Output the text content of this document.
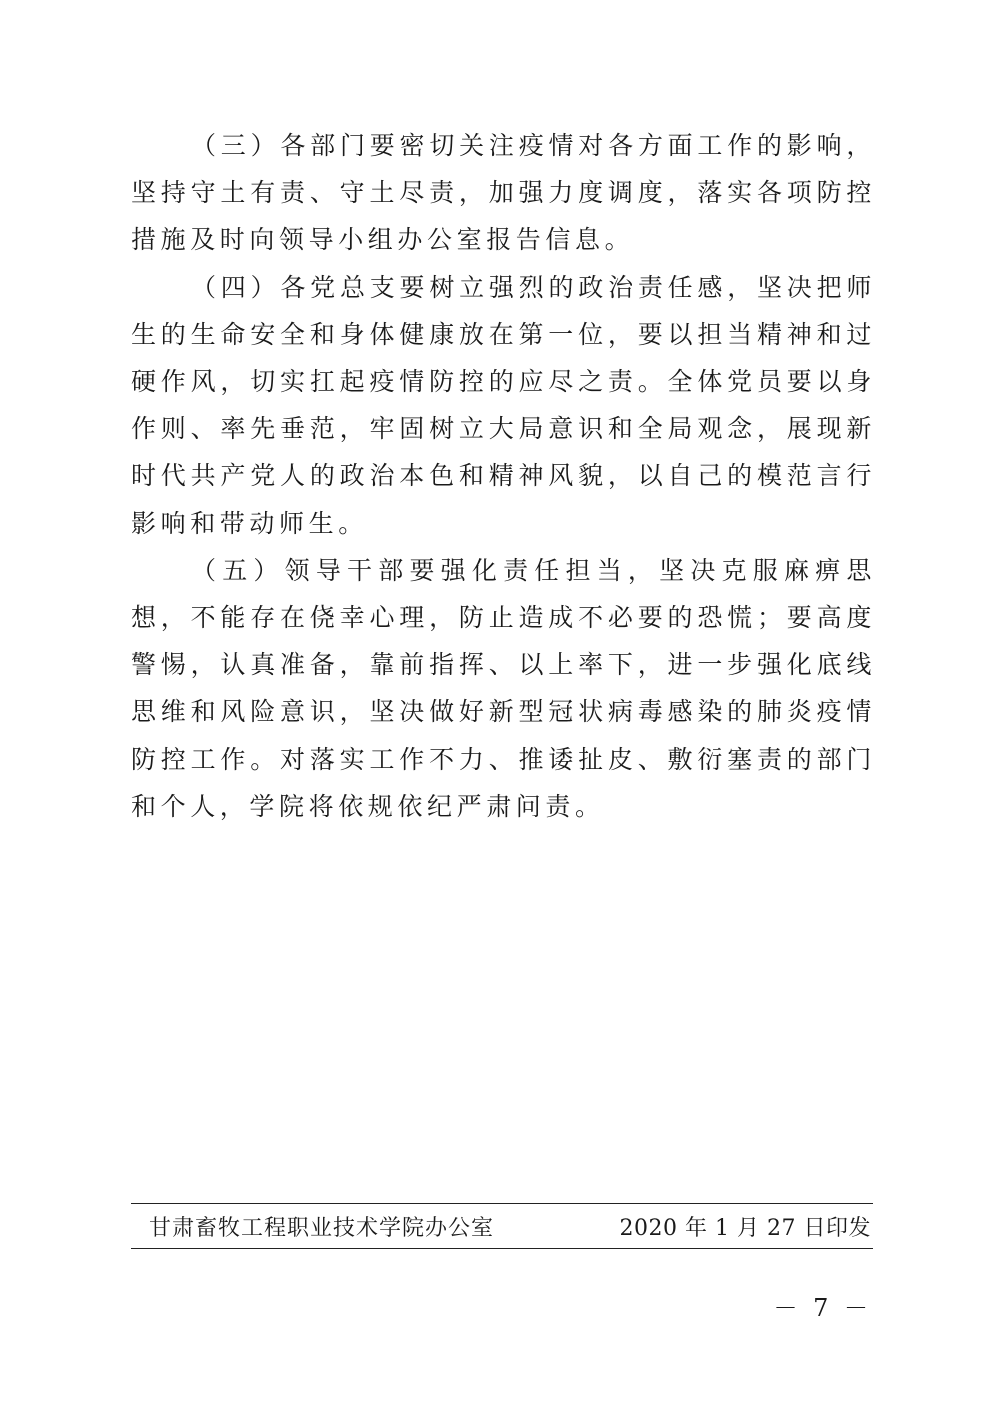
（三）各部门要密切关注疫情对各方面工作的影响，坚持守土有责、守土尽责，加强力度调度，落实各项防控措施及时向领导小组办公室报告信息。

（四）各党总支要树立强烈的政治责任感，坚决把师生的生命安全和身体健康放在第一位，要以担当精神和过硬作风，切实扛起疫情防控的应尽之责。全体党员要以身作则、率先垂范，牢固树立大局意识和全局观念，展现新时代共产党人的政治本色和精神风貌，以自己的模范言行影响和带动师生。

（五）领导干部要强化责任担当，坚决克服麻痹思想，不能存在侥幸心理，防止造成不必要的恐慌；要高度警惕，认真准备，靠前指挥、以上率下，进一步强化底线思维和风险意识，坚决做好新型冠状病毒感染的肺炎疫情防控工作。对落实工作不力、推诿扯皮、敷衍塞责的部门和个人，学院将依规依纪严肃问责。

甘肃畜牧工程职业技术学院办公室	2020 年 1 月 27 日印发
－ 7 －
